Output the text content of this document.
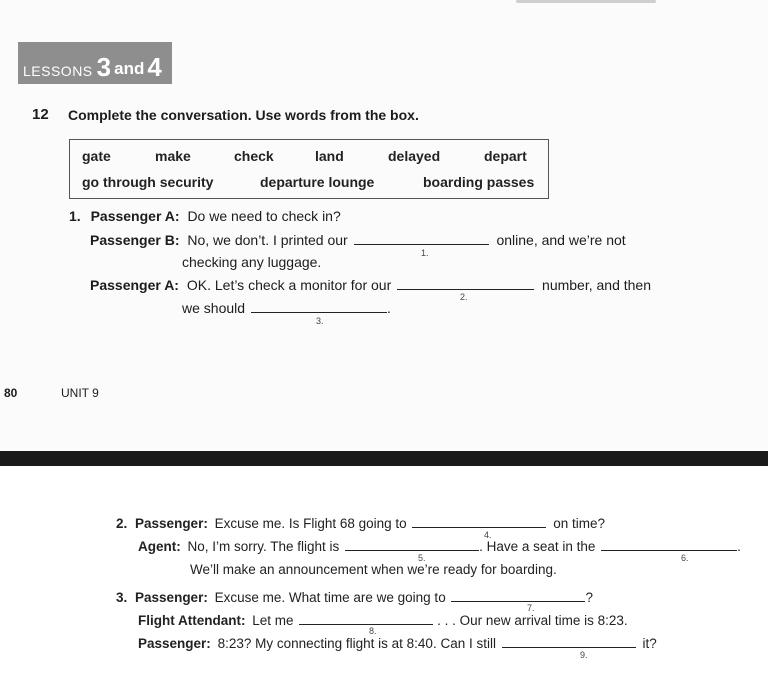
LESSONS 3 and 4
12 Complete the conversation. Use words from the box.
gate	make	check	land	delayed	depart
go through security	departure lounge	boarding passes
1. Passenger A: Do we need to check in?
Passenger B: No, we don’t. I printed our	online, and we’re not
1.
checking any luggage.
Passenger A: OK. Let’s check a monitor for our	number, and then
2.
we should	.
3.
80	UNIT 9
2. Passenger: Excuse me. Is Flight 68 going to	on time?
4.
Agent: No, I’m sorry. The flight is	. Have a seat in the	.
5.	6.
We’ll make an announcement when we’re ready for boarding.
3. Passenger: Excuse me. What time are we going to	?
7.
Flight Attendant: Let me	. . . Our new arrival time is 8:23.
8.
Passenger: 8:23? My connecting flight is at 8:40. Can I still	it?
9.
